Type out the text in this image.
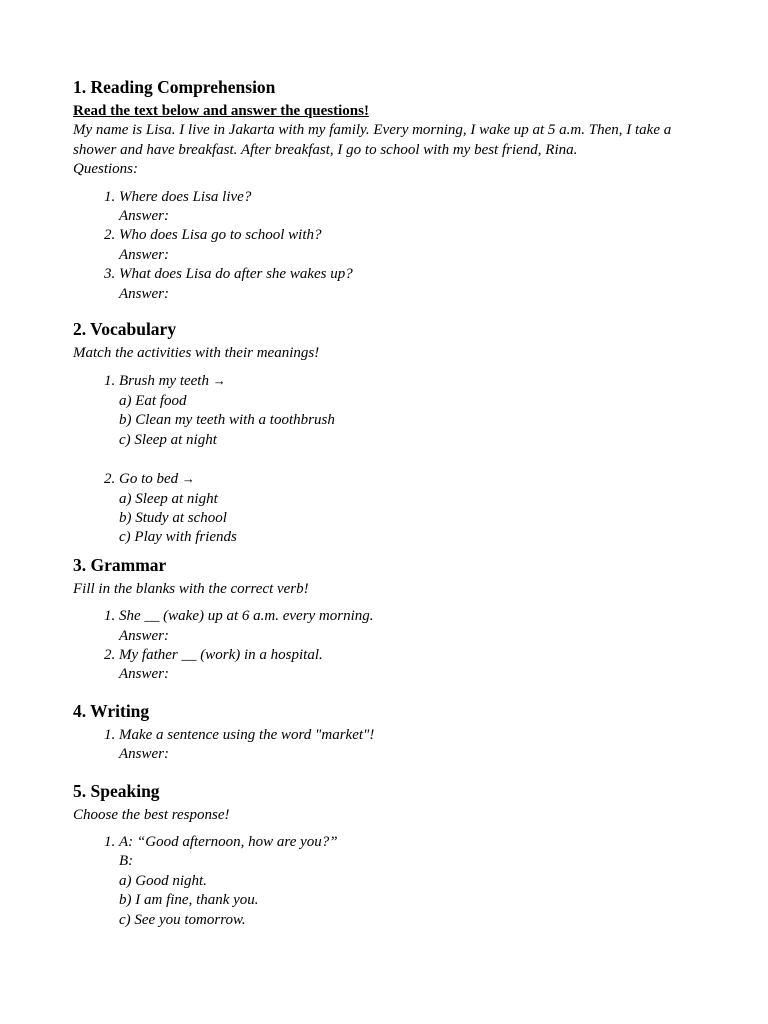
1. Reading Comprehension

Read the text below and answer the questions!

My name is Lisa. I live in Jakarta with my family. Every morning, I wake up at 5 a.m. Then, I take a shower and have breakfast. After breakfast, I go to school with my best friend, Rina.

Questions:

1. Where does Lisa live?
Answer:
2. Who does Lisa go to school with?
Answer:
3. What does Lisa do after she wakes up?
Answer:
2. Vocabulary

Match the activities with their meanings!

1. Brush my teeth →
a) Eat food
b) Clean my teeth with a toothbrush
c) Sleep at night
2. Go to bed →
a) Sleep at night
b) Study at school
c) Play with friends
3. Grammar

Fill in the blanks with the correct verb!

1. She __ (wake) up at 6 a.m. every morning.
Answer:
2. My father __ (work) in a hospital.
Answer:
4. Writing
1. Make a sentence using the word "market"!
Answer:
5. Speaking

Choose the best response!

1. A: “Good afternoon, how are you?”
B:
a) Good night.
b) I am fine, thank you.
c) See you tomorrow.
